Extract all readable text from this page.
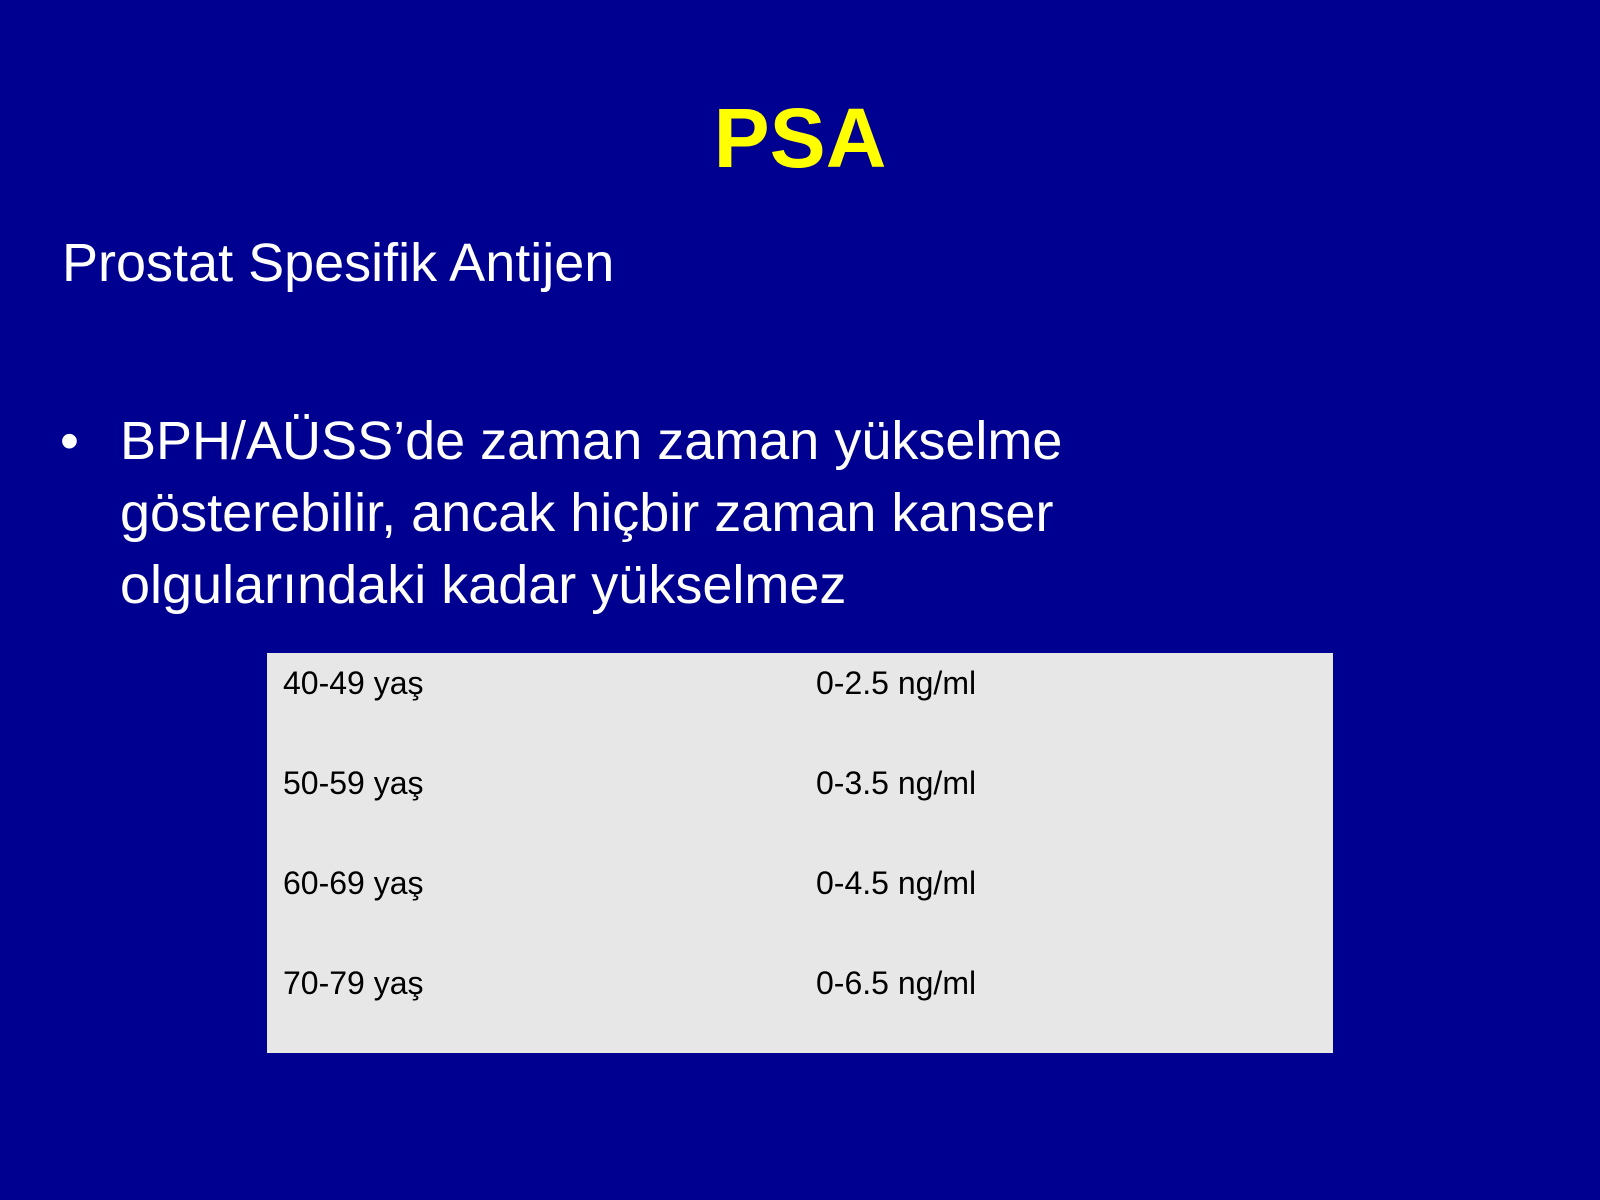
PSA

Prostat Spesifik Antijen

• BPH/AÜSS’de zaman zaman yükselme gösterebilir, ancak hiçbir zaman kanser olgularındaki kadar yükselmez
40-49 yaş	0-2.5 ng/ml
50-59 yaş	0-3.5 ng/ml
60-69 yaş	0-4.5 ng/ml
70-79 yaş	0-6.5 ng/ml
